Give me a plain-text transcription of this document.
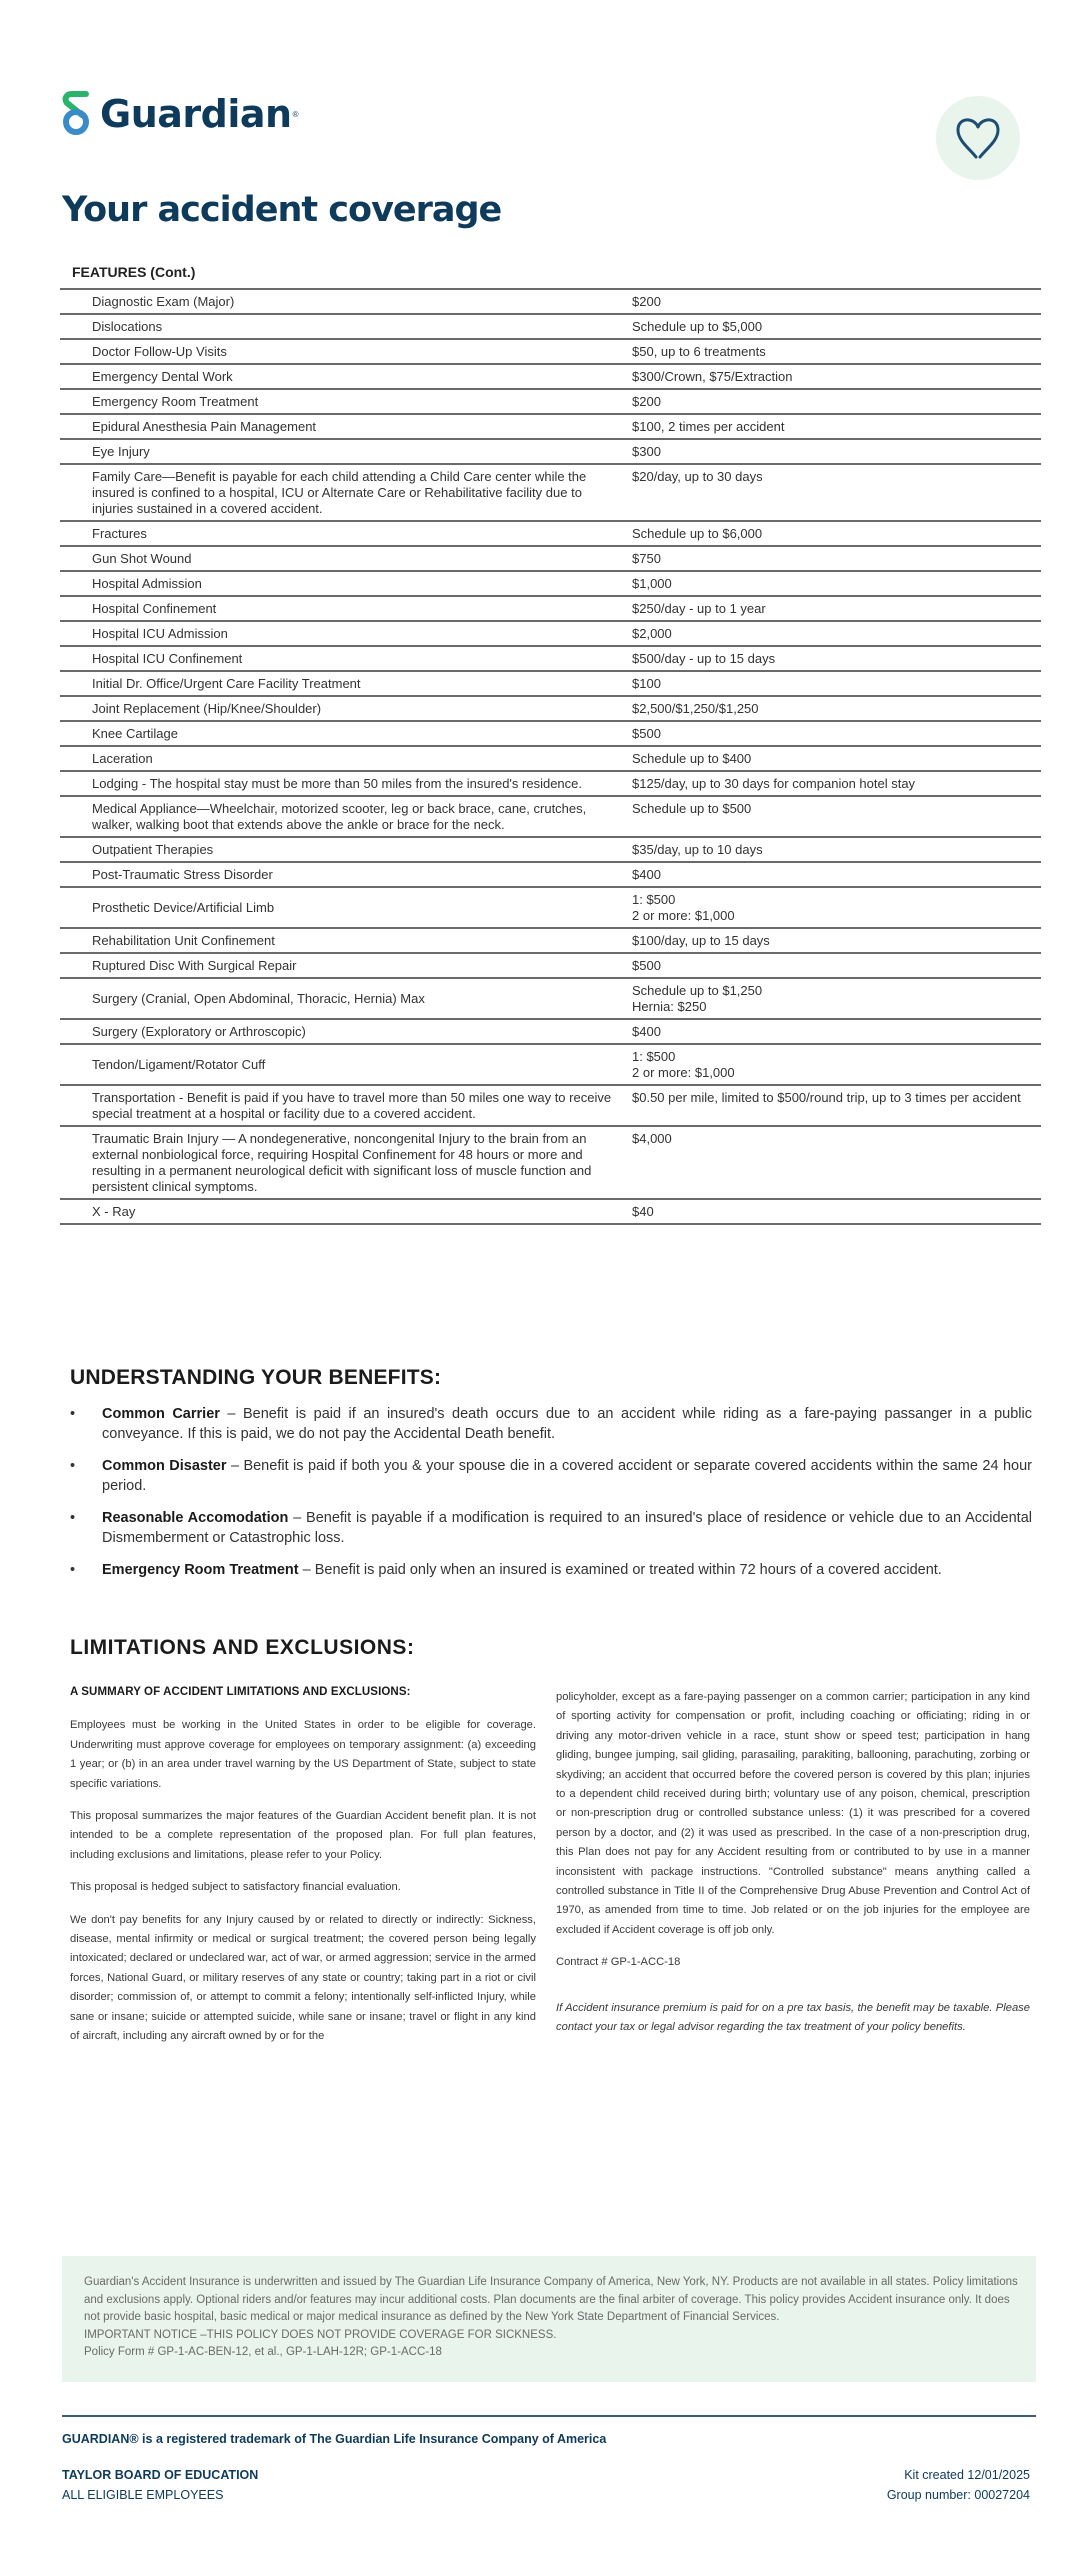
Guardian ®
Your accident coverage
FEATURES (Cont.)
Diagnostic Exam (Major)	$200

Dislocations	Schedule up to $5,000

Doctor Follow-Up Visits	$50, up to 6 treatments

Emergency Dental Work	$300/Crown, $75/Extraction

Emergency Room Treatment	$200

Epidural Anesthesia Pain Management	$100, 2 times per accident

Eye Injury	$300

Family Care—Benefit is payable for each child attending a Child Care center while the insured is confined to a hospital, ICU or Alternate Care or Rehabilitative facility due to injuries sustained in a covered accident.	$20/day, up to 30 days

Fractures	Schedule up to $6,000

Gun Shot Wound	$750

Hospital Admission	$1,000

Hospital Confinement	$250/day - up to 1 year

Hospital ICU Admission	$2,000

Hospital ICU Confinement	$500/day - up to 15 days

Initial Dr. Office/Urgent Care Facility Treatment	$100

Joint Replacement (Hip/Knee/Shoulder)	$2,500/$1,250/$1,250

Knee Cartilage	$500

Laceration	Schedule up to $400

Lodging - The hospital stay must be more than 50 miles from the insured's residence.	$125/day, up to 30 days for companion hotel stay

Medical Appliance—Wheelchair, motorized scooter, leg or back brace, cane, crutches, walker, walking boot that extends above the ankle or brace for the neck.	Schedule up to $500

Outpatient Therapies	$35/day, up to 10 days

Post-Traumatic Stress Disorder	$400

Prosthetic Device/Artificial Limb	1: $500
2 or more: $1,000

Rehabilitation Unit Confinement	$100/day, up to 15 days

Ruptured Disc With Surgical Repair	$500

Surgery (Cranial, Open Abdominal, Thoracic, Hernia) Max	Schedule up to $1,250
Hernia: $250

Surgery (Exploratory or Arthroscopic)	$400

Tendon/Ligament/Rotator Cuff	1: $500
2 or more: $1,000

Transportation - Benefit is paid if you have to travel more than 50 miles one way to receive special treatment at a hospital or facility due to a covered accident.	$0.50 per mile, limited to $500/round trip, up to 3 times per accident

Traumatic Brain Injury — A nondegenerative, noncongenital Injury to the brain from an external nonbiological force, requiring Hospital Confinement for 48 hours or more and resulting in a permanent neurological deficit with significant loss of muscle function and persistent clinical symptoms.	$4,000

X - Ray	$40
UNDERSTANDING YOUR BENEFITS:
• Common Carrier – Benefit is paid if an insured's death occurs due to an accident while riding as a fare-paying passanger in a public conveyance. If this is paid, we do not pay the Accidental Death benefit.
• Common Disaster – Benefit is paid if both you & your spouse die in a covered accident or separate covered accidents within the same 24 hour period.
• Reasonable Accomodation – Benefit is payable if a modification is required to an insured's place of residence or vehicle due to an Accidental Dismemberment or Catastrophic loss.
• Emergency Room Treatment – Benefit is paid only when an insured is examined or treated within 72 hours of a covered accident.
LIMITATIONS AND EXCLUSIONS:
A SUMMARY OF ACCIDENT LIMITATIONS AND EXCLUSIONS:

Employees must be working in the United States in order to be eligible for coverage. Underwriting must approve coverage for employees on temporary assignment: (a) exceeding 1 year; or (b) in an area under travel warning by the US Department of State, subject to state specific variations.

This proposal summarizes the major features of the Guardian Accident benefit plan. It is not intended to be a complete representation of the proposed plan. For full plan features, including exclusions and limitations, please refer to your Policy.

This proposal is hedged subject to satisfactory financial evaluation.

We don't pay benefits for any Injury caused by or related to directly or indirectly: Sickness, disease, mental infirmity or medical or surgical treatment; the covered person being legally intoxicated; declared or undeclared war, act of war, or armed aggression; service in the armed forces, National Guard, or military reserves of any state or country; taking part in a riot or civil disorder; commission of, or attempt to commit a felony; intentionally self-inflicted Injury, while sane or insane; suicide or attempted suicide, while sane or insane; travel or flight in any kind of aircraft, including any aircraft owned by or for the

policyholder, except as a fare-paying passenger on a common carrier; participation in any kind of sporting activity for compensation or profit, including coaching or officiating; riding in or driving any motor-driven vehicle in a race, stunt show or speed test; participation in hang gliding, bungee jumping, sail gliding, parasailing, parakiting, ballooning, parachuting, zorbing or skydiving; an accident that occurred before the covered person is covered by this plan; injuries to a dependent child received during birth; voluntary use of any poison, chemical, prescription or non-prescription drug or controlled substance unless: (1) it was prescribed for a covered person by a doctor, and (2) it was used as prescribed. In the case of a non-prescription drug, this Plan does not pay for any Accident resulting from or contributed to by use in a manner inconsistent with package instructions. "Controlled substance" means anything called a controlled substance in Title II of the Comprehensive Drug Abuse Prevention and Control Act of 1970, as amended from time to time. Job related or on the job injuries for the employee are excluded if Accident coverage is off job only.

Contract # GP-1-ACC-18

If Accident insurance premium is paid for on a pre tax basis, the benefit may be taxable. Please contact your tax or legal advisor regarding the tax treatment of your policy benefits.

Guardian's Accident Insurance is underwritten and issued by The Guardian Life Insurance Company of America, New York, NY. Products are not available in all states. Policy limitations and exclusions apply. Optional riders and/or features may incur additional costs. Plan documents are the final arbiter of coverage. This policy provides Accident insurance only. It does not provide basic hospital, basic medical or major medical insurance as defined by the New York State Department of Financial Services.

IMPORTANT NOTICE –THIS POLICY DOES NOT PROVIDE COVERAGE FOR SICKNESS.

Policy Form # GP-1-AC-BEN-12, et al., GP-1-LAH-12R; GP-1-ACC-18

GUARDIAN® is a registered trademark of The Guardian Life Insurance Company of America
TAYLOR BOARD OF EDUCATION
ALL ELIGIBLE EMPLOYEES
Kit created 12/01/2025
Group number: 00027204
